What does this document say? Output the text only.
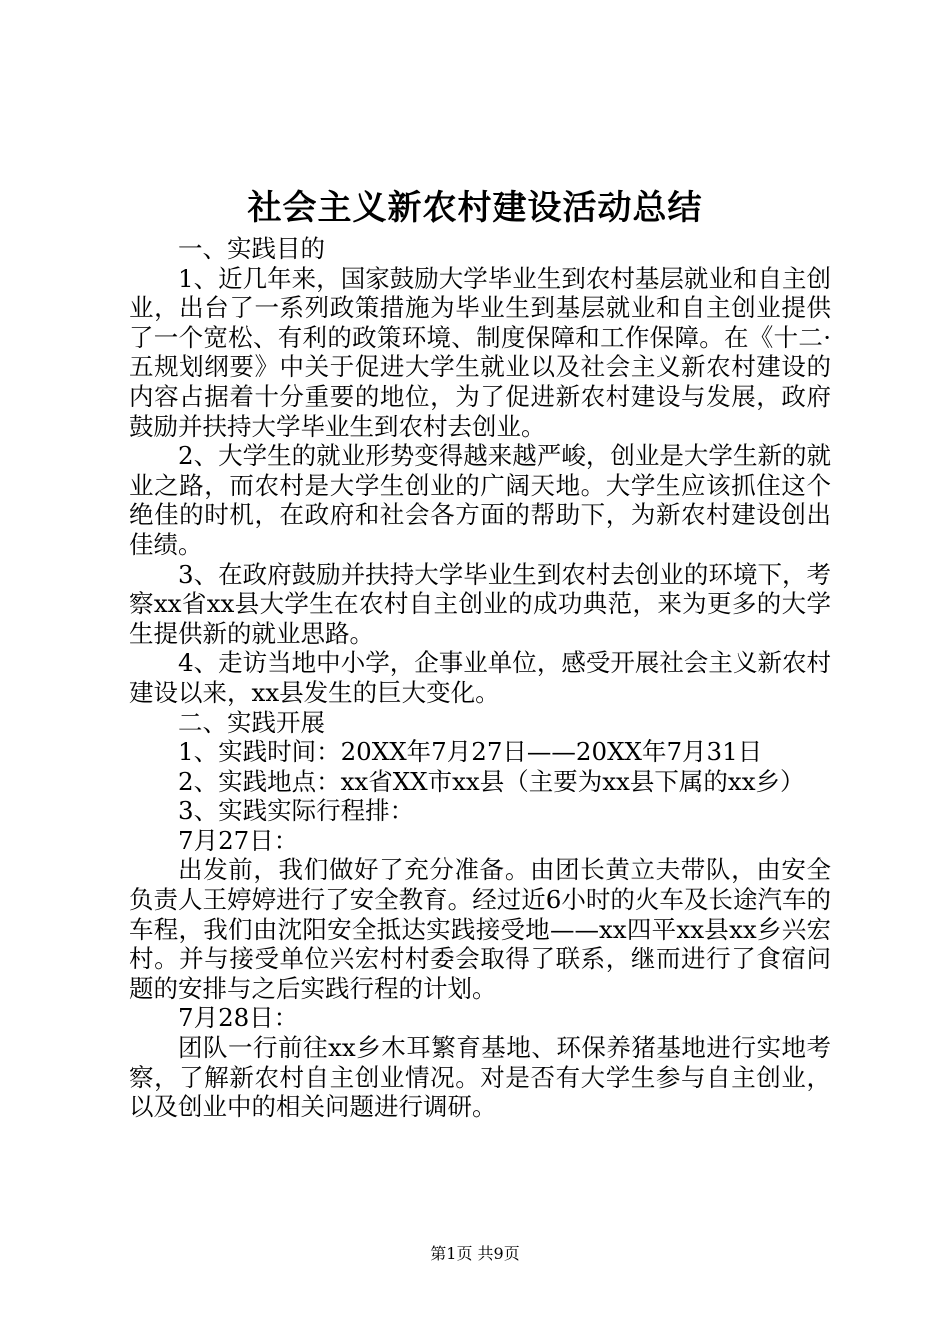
社会主义新农村建设活动总结

一、实践目的

1、近几年来，国家鼓励大学毕业生到农村基层就业和自主创业，出台了一系列政策措施为毕业生到基层就业和自主创业提供了一个宽松、有利的政策环境、制度保障和工作保障。在《十二·五规划纲要》中关于促进大学生就业以及社会主义新农村建设的内容占据着十分重要的地位，为了促进新农村建设与发展，政府鼓励并扶持大学毕业生到农村去创业。

2、大学生的就业形势变得越来越严峻，创业是大学生新的就业之路，而农村是大学生创业的广阔天地。大学生应该抓住这个绝佳的时机，在政府和社会各方面的帮助下，为新农村建设创出佳绩。

3、在政府鼓励并扶持大学毕业生到农村去创业的环境下，考察xx省xx县大学生在农村自主创业的成功典范，来为更多的大学生提供新的就业思路。

4、走访当地中小学，企事业单位，感受开展社会主义新农村建设以来，xx县发生的巨大变化。

二、实践开展

1、实践时间：20XX年7月27日——20XX年7月31日

2、实践地点：xx省XX市xx县（主要为xx县下属的xx乡）

3、实践实际行程排：

7月27日：

出发前，我们做好了充分准备。由团长黄立夫带队，由安全负责人王婷婷进行了安全教育。经过近6小时的火车及长途汽车的车程，我们由沈阳安全抵达实践接受地——xx四平xx县xx乡兴宏村。并与接受单位兴宏村村委会取得了联系，继而进行了食宿问题的安排与之后实践行程的计划。

7月28日：

团队一行前往xx乡木耳繁育基地、环保养猪基地进行实地考察，了解新农村自主创业情况。对是否有大学生参与自主创业，以及创业中的相关问题进行调研。

第1页 共9页
